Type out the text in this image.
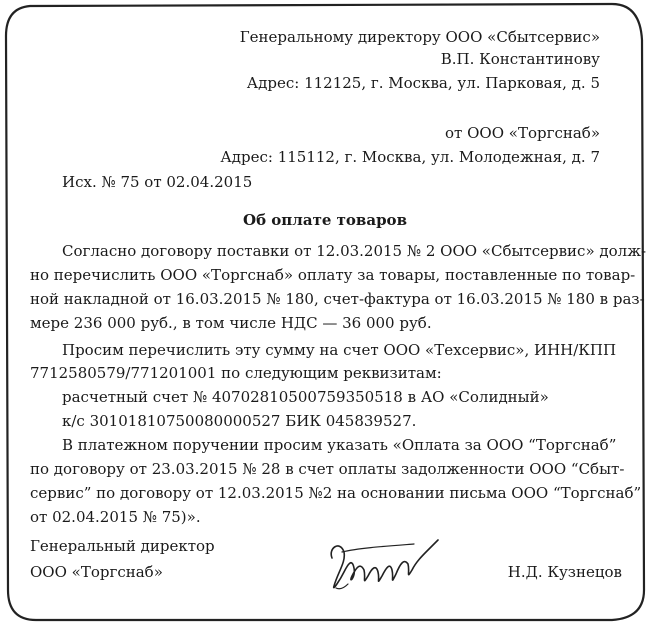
Генеральному директору ООО «Сбытсервис»
В.П. Константинову
Адрес: 112125, г. Москва, ул. Парковая, д. 5
от ООО «Торгснаб»
Адрес: 115112, г. Москва, ул. Молодежная, д. 7
Исх. № 75 от 02.04.2015
Об оплате товаров
Согласно договору поставки от 12.03.2015 № 2 ООО «Сбытсервис» долж-
но перечислить ООО «Торгснаб» оплату за товары, поставленные по товар-
ной накладной от 16.03.2015 № 180, счет-фактура от 16.03.2015 № 180 в раз-
мере 236 000 руб., в том числе НДС — 36 000 руб.
Просим перечислить эту сумму на счет ООО «Техсервис», ИНН/КПП
7712580579/771201001 по следующим реквизитам:
расчетный счет № 40702810500759350518 в АО «Солидный»
к/с 30101810750080000527 БИК 045839527.
В платежном поручении просим указать «Оплата за ООО “Торгснаб”
по договору от 23.03.2015 № 28 в счет оплаты задолженности ООО “Сбыт-
сервис” по договору от 12.03.2015 №2 на основании письма ООО “Торгснаб”
от 02.04.2015 № 75)».
Генеральный директор
ООО «Торгснаб»	Н.Д. Кузнецов
